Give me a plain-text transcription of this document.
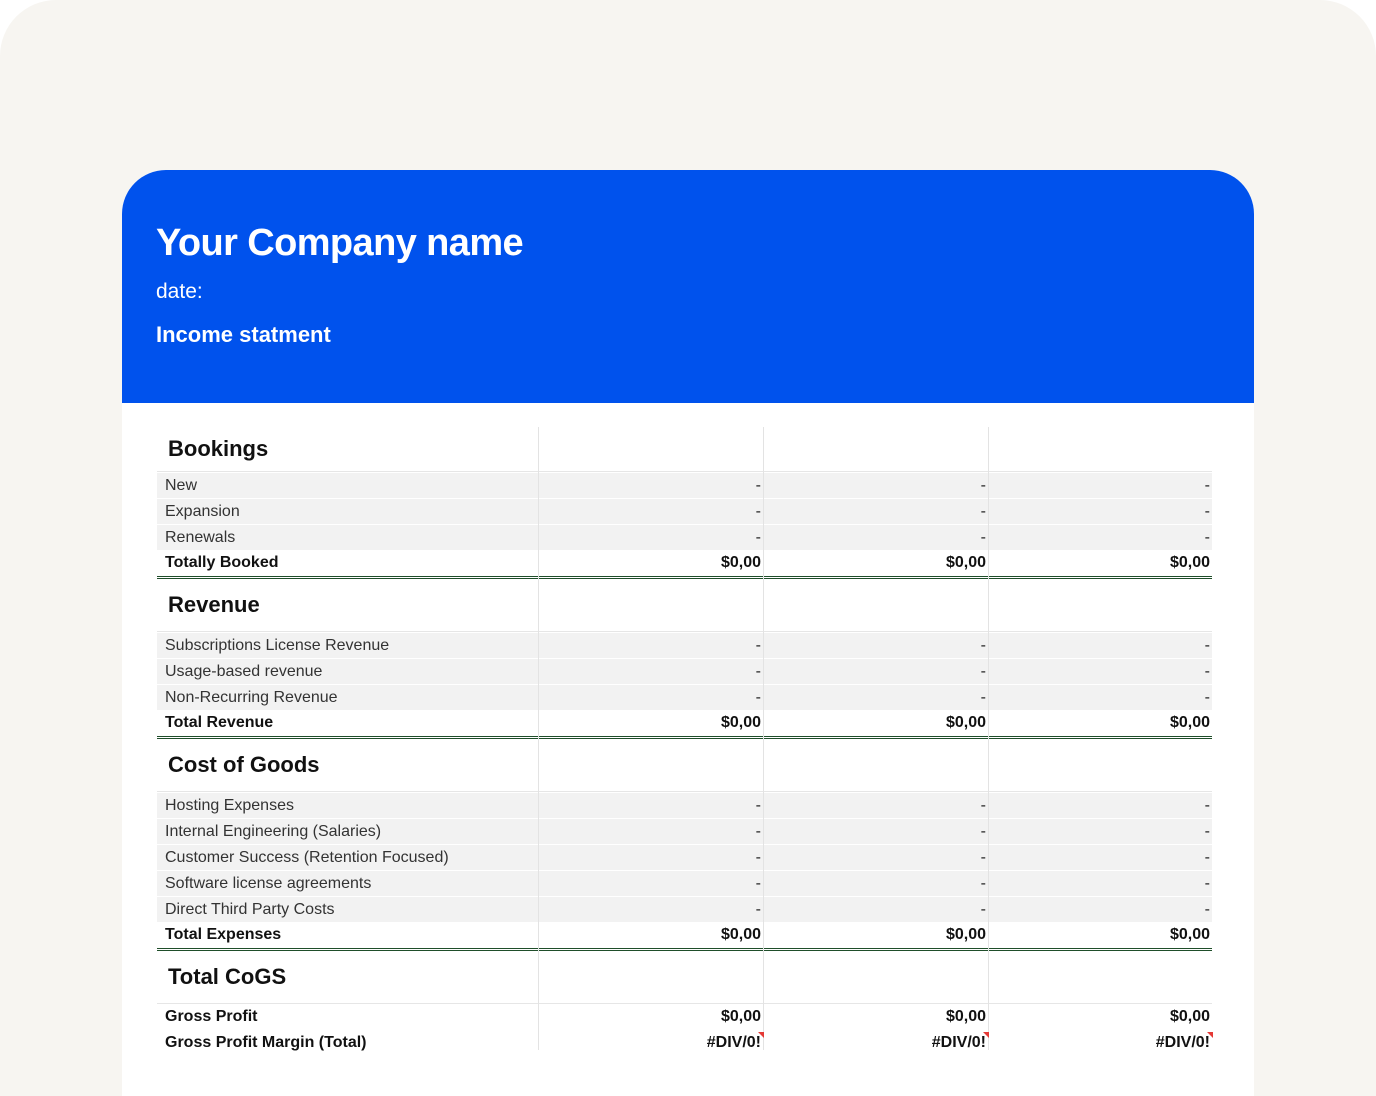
Your Company name
date:
Income statment
Bookings
New	-	-	-
Expansion	-	-	-
Renewals	-	-	-
Totally Booked	$0,00	$0,00	$0,00
Revenue
Subscriptions License Revenue	-	-	-
Usage-based revenue	-	-	-
Non-Recurring Revenue	-	-	-
Total Revenue	$0,00	$0,00	$0,00
Cost of Goods
Hosting Expenses	-	-	-
Internal Engineering (Salaries)	-	-	-
Customer Success (Retention Focused)	-	-	-
Software license agreements	-	-	-
Direct Third Party Costs	-	-	-
Total Expenses	$0,00	$0,00	$0,00
Total CoGS
Gross Profit	$0,00	$0,00	$0,00
Gross Profit Margin (Total)	#DIV/0!	#DIV/0!	#DIV/0!
